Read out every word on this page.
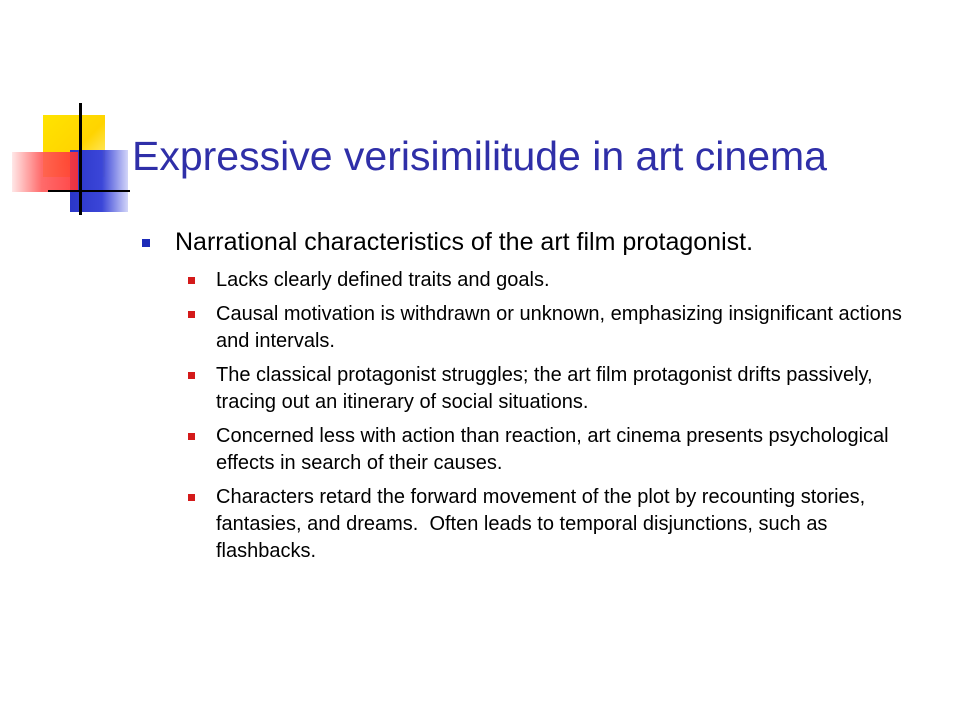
Expressive verisimilitude in art cinema
Narrational characteristics of the art film protagonist.
Lacks clearly defined traits and goals.
Causal motivation is withdrawn or unknown, emphasizing insignificant actions and intervals.
The classical protagonist struggles; the art film protagonist drifts passively, tracing out an itinerary of social situations.
Concerned less with action than reaction, art cinema presents psychological effects in search of their causes.
Characters retard the forward movement of the plot by recounting stories, fantasies, and dreams.  Often leads to temporal disjunctions, such as flashbacks.
